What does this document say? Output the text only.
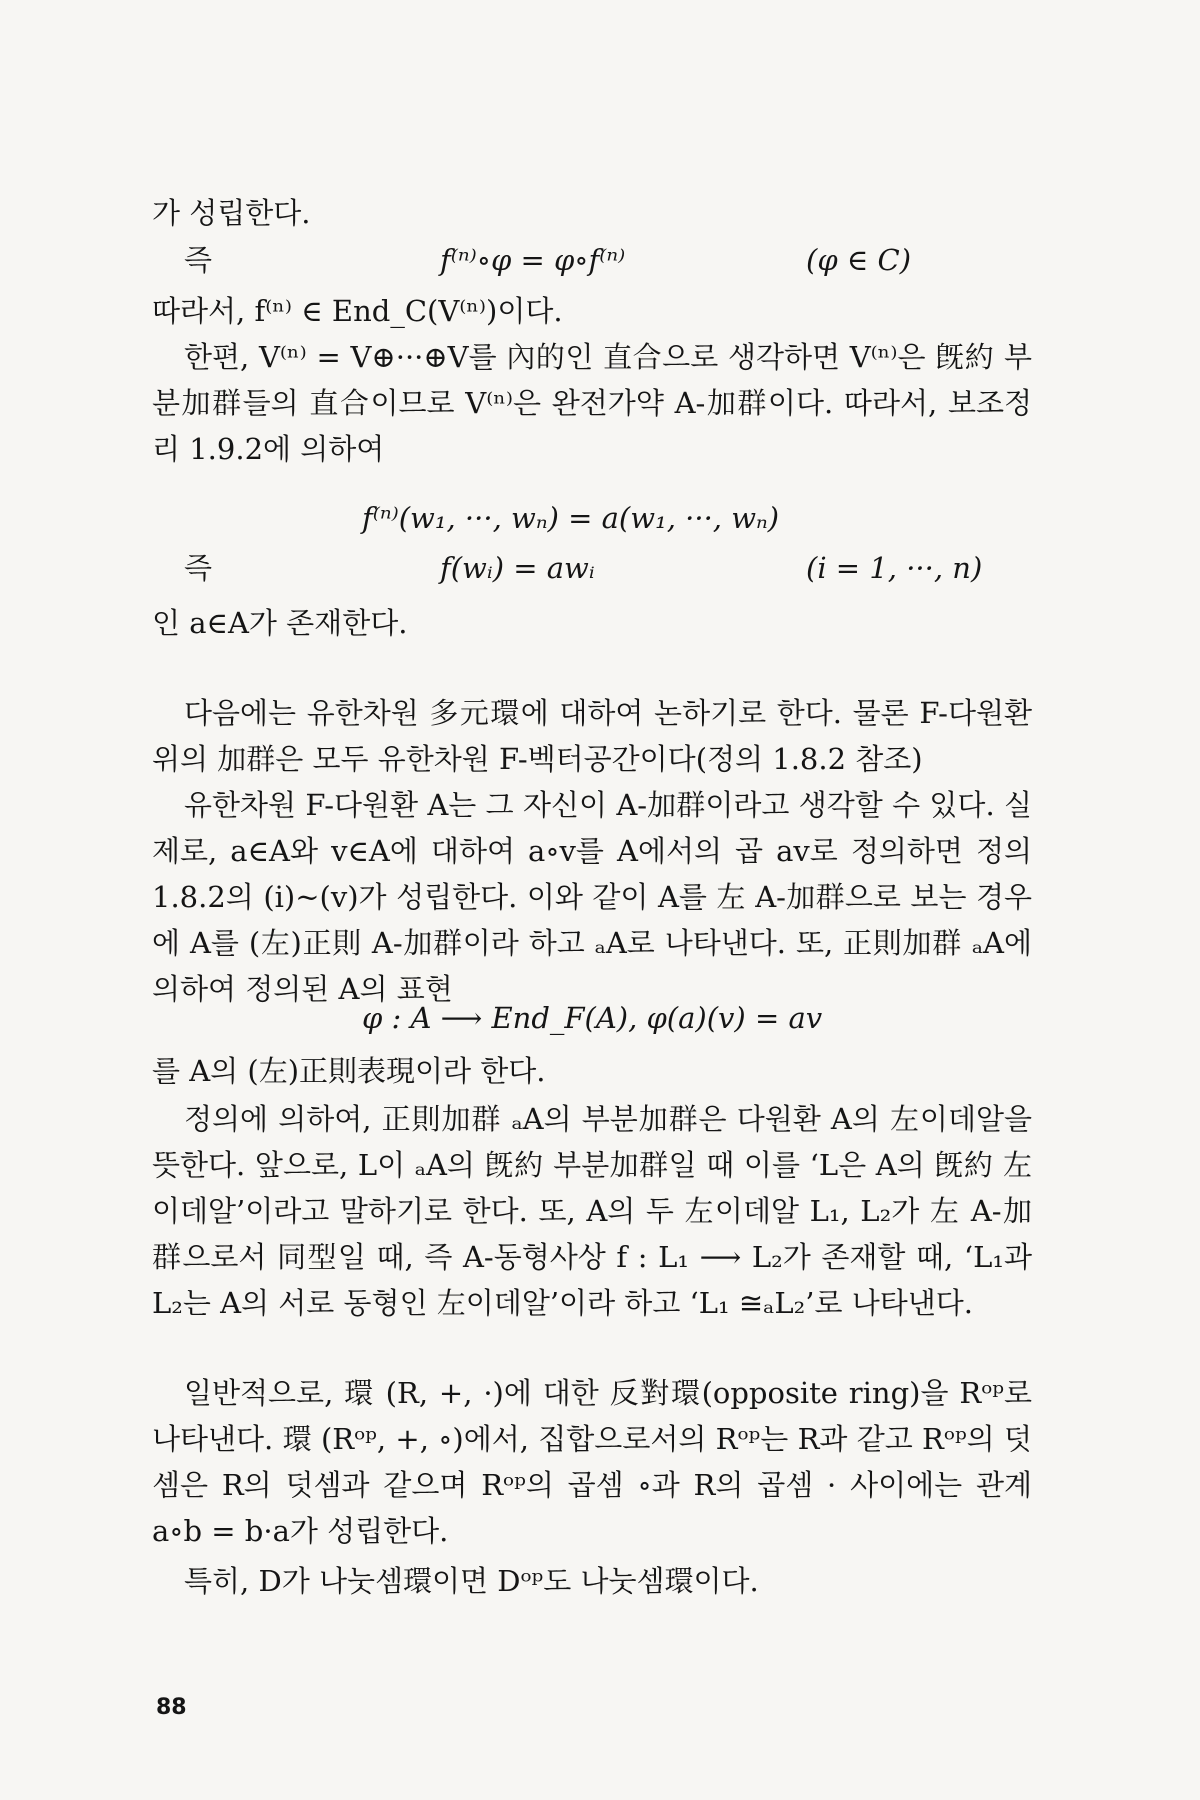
가 성립한다.

즉	f⁽ⁿ⁾∘φ = φ∘f⁽ⁿ⁾	(φ ∈ C)

따라서, f⁽ⁿ⁾ ∈ End_C(V⁽ⁿ⁾)이다.

한편, V⁽ⁿ⁾ = V⊕···⊕V를 內的인 直合으로 생각하면 V⁽ⁿ⁾은 旣約 부분加群들의 直合이므로 V⁽ⁿ⁾은 완전가약 A-加群이다. 따라서, 보조정리 1.9.2에 의하여

f⁽ⁿ⁾(w₁, ···, wₙ) = a(w₁, ···, wₙ)
즉	f(wᵢ) = awᵢ	(i = 1, ···, n)

인 a∈A가 존재한다.

다음에는 유한차원 多元環에 대하여 논하기로 한다. 물론 F-다원환 위의 加群은 모두 유한차원 F-벡터공간이다(정의 1.8.2 참조)

유한차원 F-다원환 A는 그 자신이 A-加群이라고 생각할 수 있다. 실제로, a∈A와 v∈A에 대하여 a∘v를 A에서의 곱 av로 정의하면 정의 1.8.2의 (i)~(v)가 성립한다. 이와 같이 A를 左 A-加群으로 보는 경우에 A를 (左)正則 A-加群이라 하고 ₐA로 나타낸다. 또, 正則加群 ₐA에 의하여 정의된 A의 표현

φ : A ⟶ End_F(A), φ(a)(v) = av

를 A의 (左)正則表現이라 한다.

정의에 의하여, 正則加群 ₐA의 부분加群은 다원환 A의 左이데알을 뜻한다. 앞으로, L이 ₐA의 旣約 부분加群일 때 이를 ‘L은 A의 旣約 左이데알’이라고 말하기로 한다. 또, A의 두 左이데알 L₁, L₂가 左 A-加群으로서 同型일 때, 즉 A-동형사상 f : L₁ ⟶ L₂가 존재할 때, ‘L₁과 L₂는 A의 서로 동형인 左이데알’이라 하고 ‘L₁ ≅ₐL₂’로 나타낸다.

일반적으로, 環 (R, +, ·)에 대한 反對環(opposite ring)을 Rᵒᵖ로 나타낸다. 環 (Rᵒᵖ, +, ∘)에서, 집합으로서의 Rᵒᵖ는 R과 같고 Rᵒᵖ의 덧셈은 R의 덧셈과 같으며 Rᵒᵖ의 곱셈 ∘과 R의 곱셈 · 사이에는 관계 a∘b = b·a가 성립한다.

특히, D가 나눗셈環이면 Dᵒᵖ도 나눗셈環이다.

88
